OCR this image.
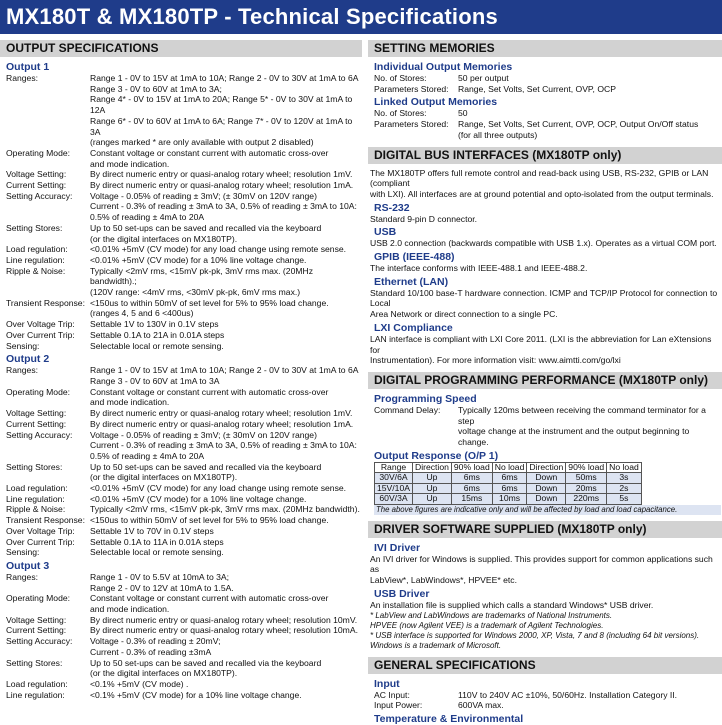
MX180T & MX180TP - Technical Specifications
OUTPUT SPECIFICATIONS
Output 1
Ranges:	Range 1 - 0V to 15V at 1mA to 10A; Range 2 - 0V to 30V at 1mA to 6A
Range 3 - 0V to 60V at 1mA to 3A;
Range 4* - 0V to 15V at 1mA to 20A; Range 5* - 0V to 30V at 1mA to 12A
Range 6* - 0V to 60V at 1mA to 6A; Range 7* - 0V to 120V at 1mA to 3A
(ranges marked * are only available with output 2 disabled)
Operating Mode:	Constant voltage or constant current with automatic cross-over
and mode indication.
Voltage Setting:	By direct numeric entry or quasi-analog rotary wheel; resolution 1mV.
Current Setting:	By direct numeric entry or quasi-analog rotary wheel; resolution 1mA.
Setting Accuracy:	Voltage - 0.05% of reading ± 3mV; (± 30mV on 120V range)
Current - 0.3% of reading ± 3mA to 3A, 0.5% of reading ± 3mA to 10A:
0.5% of reading ± 4mA to 20A
Setting Stores:	Up to 50 set-ups can be saved and recalled via the keyboard
(or the digital interfaces on MX180TP).
Load regulation:	<0.01% +5mV (CV mode) for any load change using remote sense.
Line regulation:	<0.01% +5mV (CV mode) for a 10% line voltage change.
Ripple & Noise:	Typically <2mV rms, <15mV pk-pk, 3mV rms max. (20MHz bandwidth).;
(120V range: <4mV rms, <30mV pk-pk, 6mV rms max.)
Transient Response: <150us to within 50mV of set level for 5% to 95% load change.
(ranges 4, 5 and 6 <400us)
Over Voltage Trip:	Settable 1V to 130V in 0.1V steps
Over Current Trip:	Settable 0.1A to 21A in 0.01A steps
Sensing:	Selectable local or remote sensing.
Output 2
Ranges:	Range 1 - 0V to 15V at 1mA to 10A; Range 2 - 0V to 30V at 1mA to 6A
Range 3 - 0V to 60V at 1mA to 3A
Operating Mode:	Constant voltage or constant current with automatic cross-over
and mode indication.
Voltage Setting:	By direct numeric entry or quasi-analog rotary wheel; resolution 1mV.
Current Setting:	By direct numeric entry or quasi-analog rotary wheel; resolution 1mA.
Setting Accuracy:	Voltage - 0.05% of reading ± 3mV; (± 30mV on 120V range)
Current - 0.3% of reading ± 3mA to 3A, 0.5% of reading ± 3mA to 10A:
0.5% of reading ± 4mA to 20A
Setting Stores:	Up to 50 set-ups can be saved and recalled via the keyboard
(or the digital interfaces on MX180TP).
Load regulation:	<0.01% +5mV (CV mode) for any load change using remote sense.
Line regulation:	<0.01% +5mV (CV mode) for a 10% line voltage change.
Ripple & Noise:	Typically <2mV rms, <15mV pk-pk, 3mV rms max. (20MHz bandwidth).
Transient Response: <150us to within 50mV of set level for 5% to 95% load change.
Over Voltage Trip:	Settable 1V to 70V in 0.1V steps
Over Current Trip:	Settable 0.1A to 11A in 0.01A steps
Sensing:	Selectable local or remote sensing.
Output 3
Ranges:	Range 1 - 0V to 5.5V at 10mA to 3A;
Range 2 - 0V to 12V at 10mA to 1.5A.
Operating Mode:	Constant voltage or constant current with automatic cross-over
and mode indication.
Voltage Setting:	By direct numeric entry or quasi-analog rotary wheel; resolution 10mV.
Current Setting:	By direct numeric entry or quasi-analog rotary wheel; resolution 10mA.
Setting Accuracy:	Voltage - 0.3% of reading ± 20mV;
Current - 0.3% of reading ±3mA
Setting Stores:	Up to 50 set-ups can be saved and recalled via the keyboard
(or the digital interfaces on MX180TP).
Load regulation:	<0.1% +5mV (CV mode) .
Line regulation:	<0.1% +5mV (CV mode) for a 10% line voltage change.
SETTING MEMORIES
Individual Output Memories
No. of Stores:	50 per output
Parameters Stored:	Range, Set Volts, Set Current, OVP, OCP
Linked Output Memories
No. of Stores:	50
Parameters Stored:	Range, Set Volts, Set Current, OVP, OCP, Output On/Off status
(for all three outputs)
DIGITAL BUS INTERFACES (MX180TP only)
The MX180TP offers full remote control and read-back using USB, RS-232, GPIB or LAN (compliant
with LXI). All interfaces are at ground potential and opto-isolated from the output terminals.
RS-232
Standard 9-pin D connector.
USB
USB 2.0 connection (backwards compatible with USB 1.x). Operates as a virtual COM port.
GPIB (IEEE-488)
The interface conforms with IEEE-488.1 and IEEE-488.2.
Ethernet (LAN)
Standard 10/100 base-T hardware connection. ICMP and TCP/IP Protocol for connection to Local
Area Network or direct connection to a single PC.
LXI Compliance
LAN interface is compliant with LXI Core 2011. (LXI is the abbreviation for Lan eXtensions for
Instrumentation). For more information visit: www.aimtti.com/go/lxi
DIGITAL PROGRAMMING PERFORMANCE (MX180TP only)
Programming Speed
Command Delay:	Typically 120ms between receiving the command terminator for a step
voltage change at the instrument and the output beginning to change.
Output Response (O/P 1)
Range	Direction	90% load	No load	Direction	90% load	No load
30V/6A	Up	6ms	6ms	Down	50ms	3s
15V/10A	Up	6ms	6ms	Down	20ms	2s
60V/3A	Up	15ms	10ms	Down	220ms	5s
The above figures are indicative only and will be affected by load and load capacitance.
DRIVER SOFTWARE SUPPLIED (MX180TP only)
IVI Driver
An IVI driver for Windows is supplied. This provides support for common applications such as
LabView*, LabWindows*, HPVEE* etc.
USB Driver
An installation file is supplied which calls a standard Windows* USB driver.
* LabView and LabWindows are trademarks of National Instruments.
HPVEE (now Agilent VEE) is a trademark of Agilent Technologies.
* USB interface is supported for Windows 2000, XP, Vista, 7 and 8 (including 64 bit versions).
Windows is a trademark of Microsoft.
GENERAL SPECIFICATIONS
Input
AC Input:	110V to 240V AC ±10%, 50/60Hz. Installation Category II.
Input Power:	600VA max.
Temperature & Environmental
